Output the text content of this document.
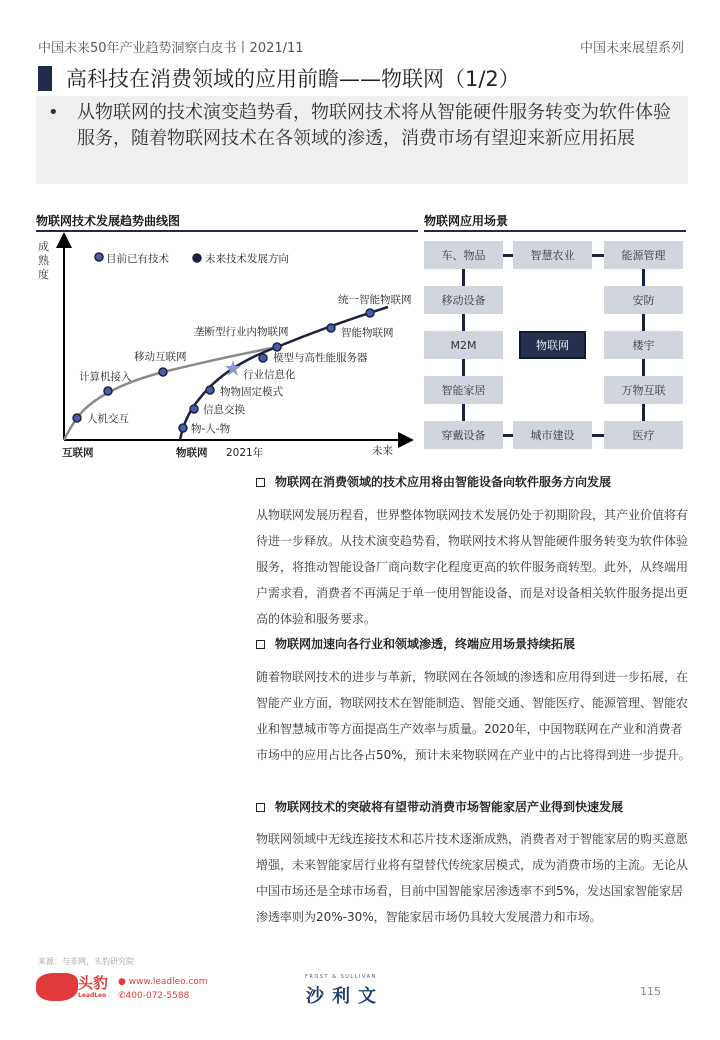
中国未来50年产业趋势洞察白皮书丨2021/11	中国未来展望系列
高科技在消费领域的应用前瞻——物联网（1/2）
• 从物联网的技术演变趋势看，物联网技术将从智能硬件服务转变为软件体验服务，随着物联网技术在各领域的渗透，消费市场有望迎来新应用拓展
物联网技术发展趋势曲线图
目前已有技术	未来技术发展方向
互联网	物联网 2021年	未来
人机交互
计算机接入
移动互联网
垄断型行业内物联网
物-人-物
信息交换
物物固定模式
行业信息化
模型与高性能服务器
智能物联网
统一智能物联网
成熟度
物联网应用场景
车、物品	智慧农业	能源管理
移动设备	安防
M2M	楼宇
智能家居	万物互联
穿戴设备	城市建设	医疗
物联网
物联网在消费领域的技术应用将由智能设备向软件服务方向发展
从物联网发展历程看，世界整体物联网技术发展仍处于初期阶段，其产业价值将有待进一步释放。从技术演变趋势看，物联网技术将从智能硬件服务转变为软件体验服务，将推动智能设备厂商向数字化程度更高的软件服务商转型。此外，从终端用户需求看，消费者不再满足于单一使用智能设备，而是对设备相关软件服务提出更高的体验和服务要求。
物联网加速向各行业和领域渗透，终端应用场景持续拓展
随着物联网技术的进步与革新，物联网在各领域的渗透和应用得到进一步拓展，在智能产业方面，物联网技术在智能制造、智能交通、智能医疗、能源管理、智能农业和智慧城市等方面提高生产效率与质量。2020年，中国物联网在产业和消费者市场中的应用占比各占50%，预计未来物联网在产业中的占比将得到进一步提升。
物联网技术的突破将有望带动消费市场智能家居产业得到快速发展
物联网领域中无线连接技术和芯片技术逐渐成熟，消费者对于智能家居的购买意愿增强，未来智能家居行业将有望替代传统家居模式，成为消费市场的主流。无论从中国市场还是全球市场看，目前中国智能家居渗透率不到5%，发达国家智能家居渗透率则为20%-30%，智能家居市场仍具较大发展潜力和市场。
来源：与非网，头豹研究院
头豹
LeadLeo
● www.leadleo.com
✆400-072-5588
FROST & SULLIVAN
沙利文	115
